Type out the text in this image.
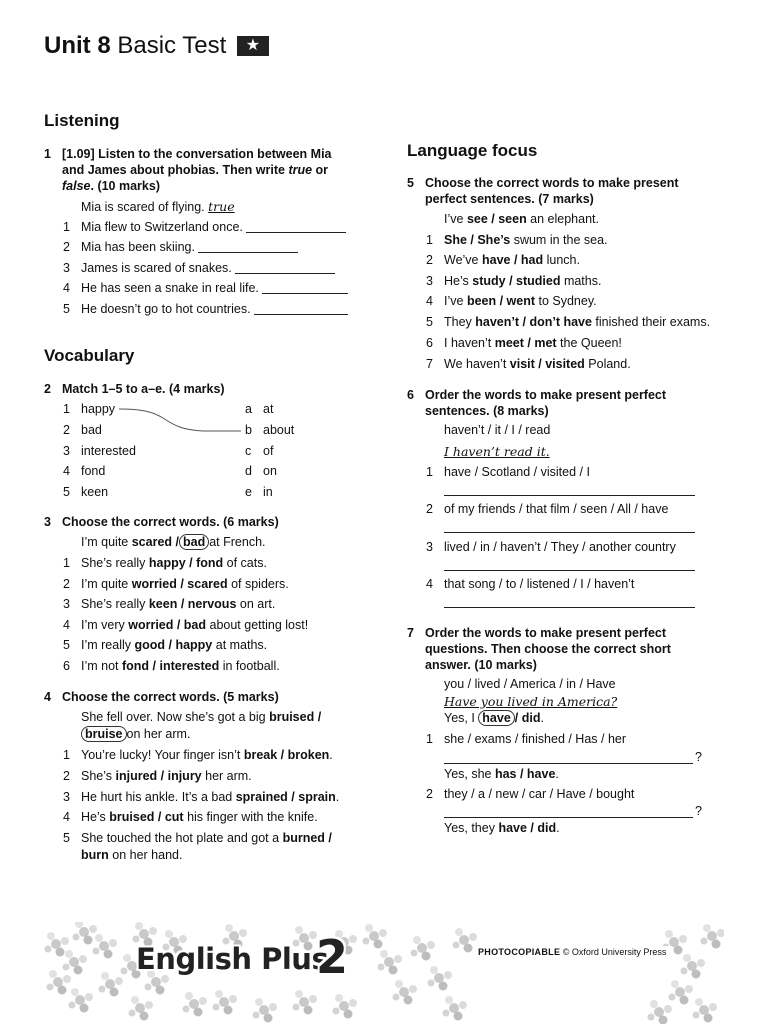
Unit 8 Basic Test ★
Listening
1 [1.09] Listen to the conversation between Mia and James about phobias. Then write true or false. (10 marks)
Mia is scared of flying. true
1 Mia flew to Switzerland once.
2 Mia has been skiing.
3 James is scared of snakes.
4 He has seen a snake in real life.
5 He doesn’t go to hot countries.
Vocabulary
2 Match 1–5 to a–e. (4 marks)
1 happy
2 bad
3 interested
4 fond
5 keen
a at
b about
c of
d on
e in
3 Choose the correct words. (6 marks)
I’m quite scared / bad at French.
1 She’s really happy / fond of cats.
2 I’m quite worried / scared of spiders.
3 She’s really keen / nervous on art.
4 I’m very worried / bad about getting lost!
5 I’m really good / happy at maths.
6 I’m not fond / interested in football.
4 Choose the correct words. (5 marks)
She fell over. Now she’s got a big bruised /
bruise on her arm.
1 You’re lucky! Your finger isn’t break / broken.
2 She’s injured / injury her arm.
3 He hurt his ankle. It’s a bad sprained / sprain.
4 He’s bruised / cut his finger with the knife.
5 She touched the hot plate and got a burned /
burn on her hand.
Language focus
5 Choose the correct words to make present perfect sentences. (7 marks)
I’ve see / seen an elephant.
1 She / She’s swum in the sea.
2 We’ve have / had lunch.
3 He’s study / studied maths.
4 I’ve been / went to Sydney.
5 They haven’t / don’t have finished their exams.
6 I haven’t meet / met the Queen!
7 We haven’t visit / visited Poland.
6 Order the words to make present perfect sentences. (8 marks)
haven’t / it / I / read
I haven’t read it.
1 have / Scotland / visited / I
2 of my friends / that film / seen / All / have
3 lived / in / haven’t / They / another country
4 that song / to / listened / I / haven’t
7 Order the words to make present perfect questions. Then choose the correct short answer. (10 marks)
you / lived / America / in / Have
Have you lived in America?
Yes, I have / did.
1 she / exams / finished / Has / her
?
Yes, she has / have.
2 they / a / new / car / Have / bought
?
Yes, they have / did.
English Plus
2	PHOTOCOPIABLE © Oxford University Press
